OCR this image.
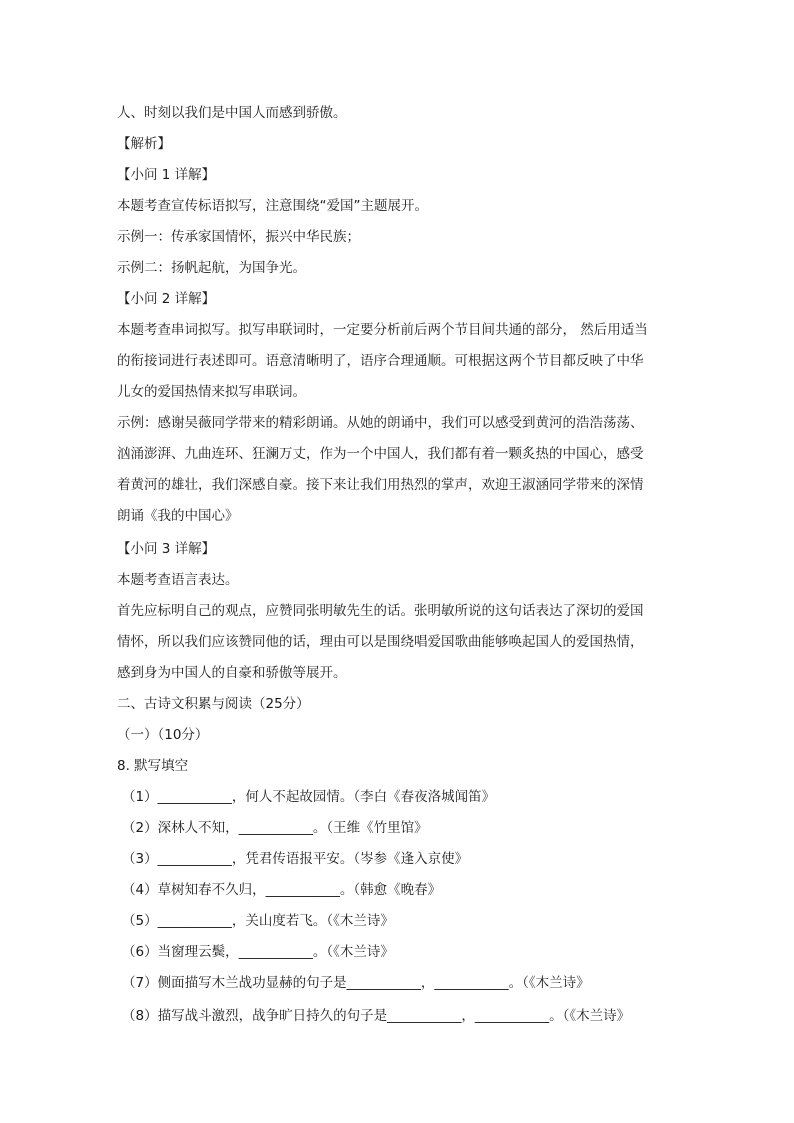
人、时刻以我们是中国人而感到骄傲。
【解析】
【小问 1 详解】
本题考查宣传标语拟写，注意围绕“爱国”主题展开。
示例一：传承家国情怀，振兴中华民族；
示例二：扬帆起航，为国争光。
【小问 2 详解】
本题考查串词拟写。拟写串联词时，一定要分析前后两个节目间共通的部分， 然后用适当
的衔接词进行表述即可。语意清晰明了，语序合理通顺。可根据这两个节目都反映了中华
儿女的爱国热情来拟写串联词。
示例：感谢吴薇同学带来的精彩朗诵。从她的朗诵中，我们可以感受到黄河的浩浩荡荡、
汹涌澎湃、九曲连环、狂澜万丈，作为一个中国人，我们都有着一颗炙热的中国心，感受
着黄河的雄壮，我们深感自豪。接下来让我们用热烈的掌声，欢迎王淑涵同学带来的深情
朗诵《我的中国心》
【小问 3 详解】
本题考查语言表达。
首先应标明自己的观点，应赞同张明敏先生的话。张明敏所说的这句话表达了深切的爱国
情怀，所以我们应该赞同他的话，理由可以是围绕唱爱国歌曲能够唤起国人的爱国热情，
感到身为中国人的自豪和骄傲等展开。
二、古诗文积累与阅读（25分）
（一）（10分）
8. 默写填空
（1）___________，何人不起故园情。（李白《春夜洛城闻笛》
（2）深林人不知，___________。（王维《竹里馆》
（3）___________，凭君传语报平安。（岑参《逢入京使》
（4）草树知春不久归，___________。（韩愈《晚春》
（5）___________，关山度若飞。（《木兰诗》
（6）当窗理云鬓，___________。（《木兰诗》
（7）侧面描写木兰战功显赫的句子是___________，___________。（《木兰诗》
（8）描写战斗激烈，战争旷日持久的句子是___________，___________。（《木兰诗》
